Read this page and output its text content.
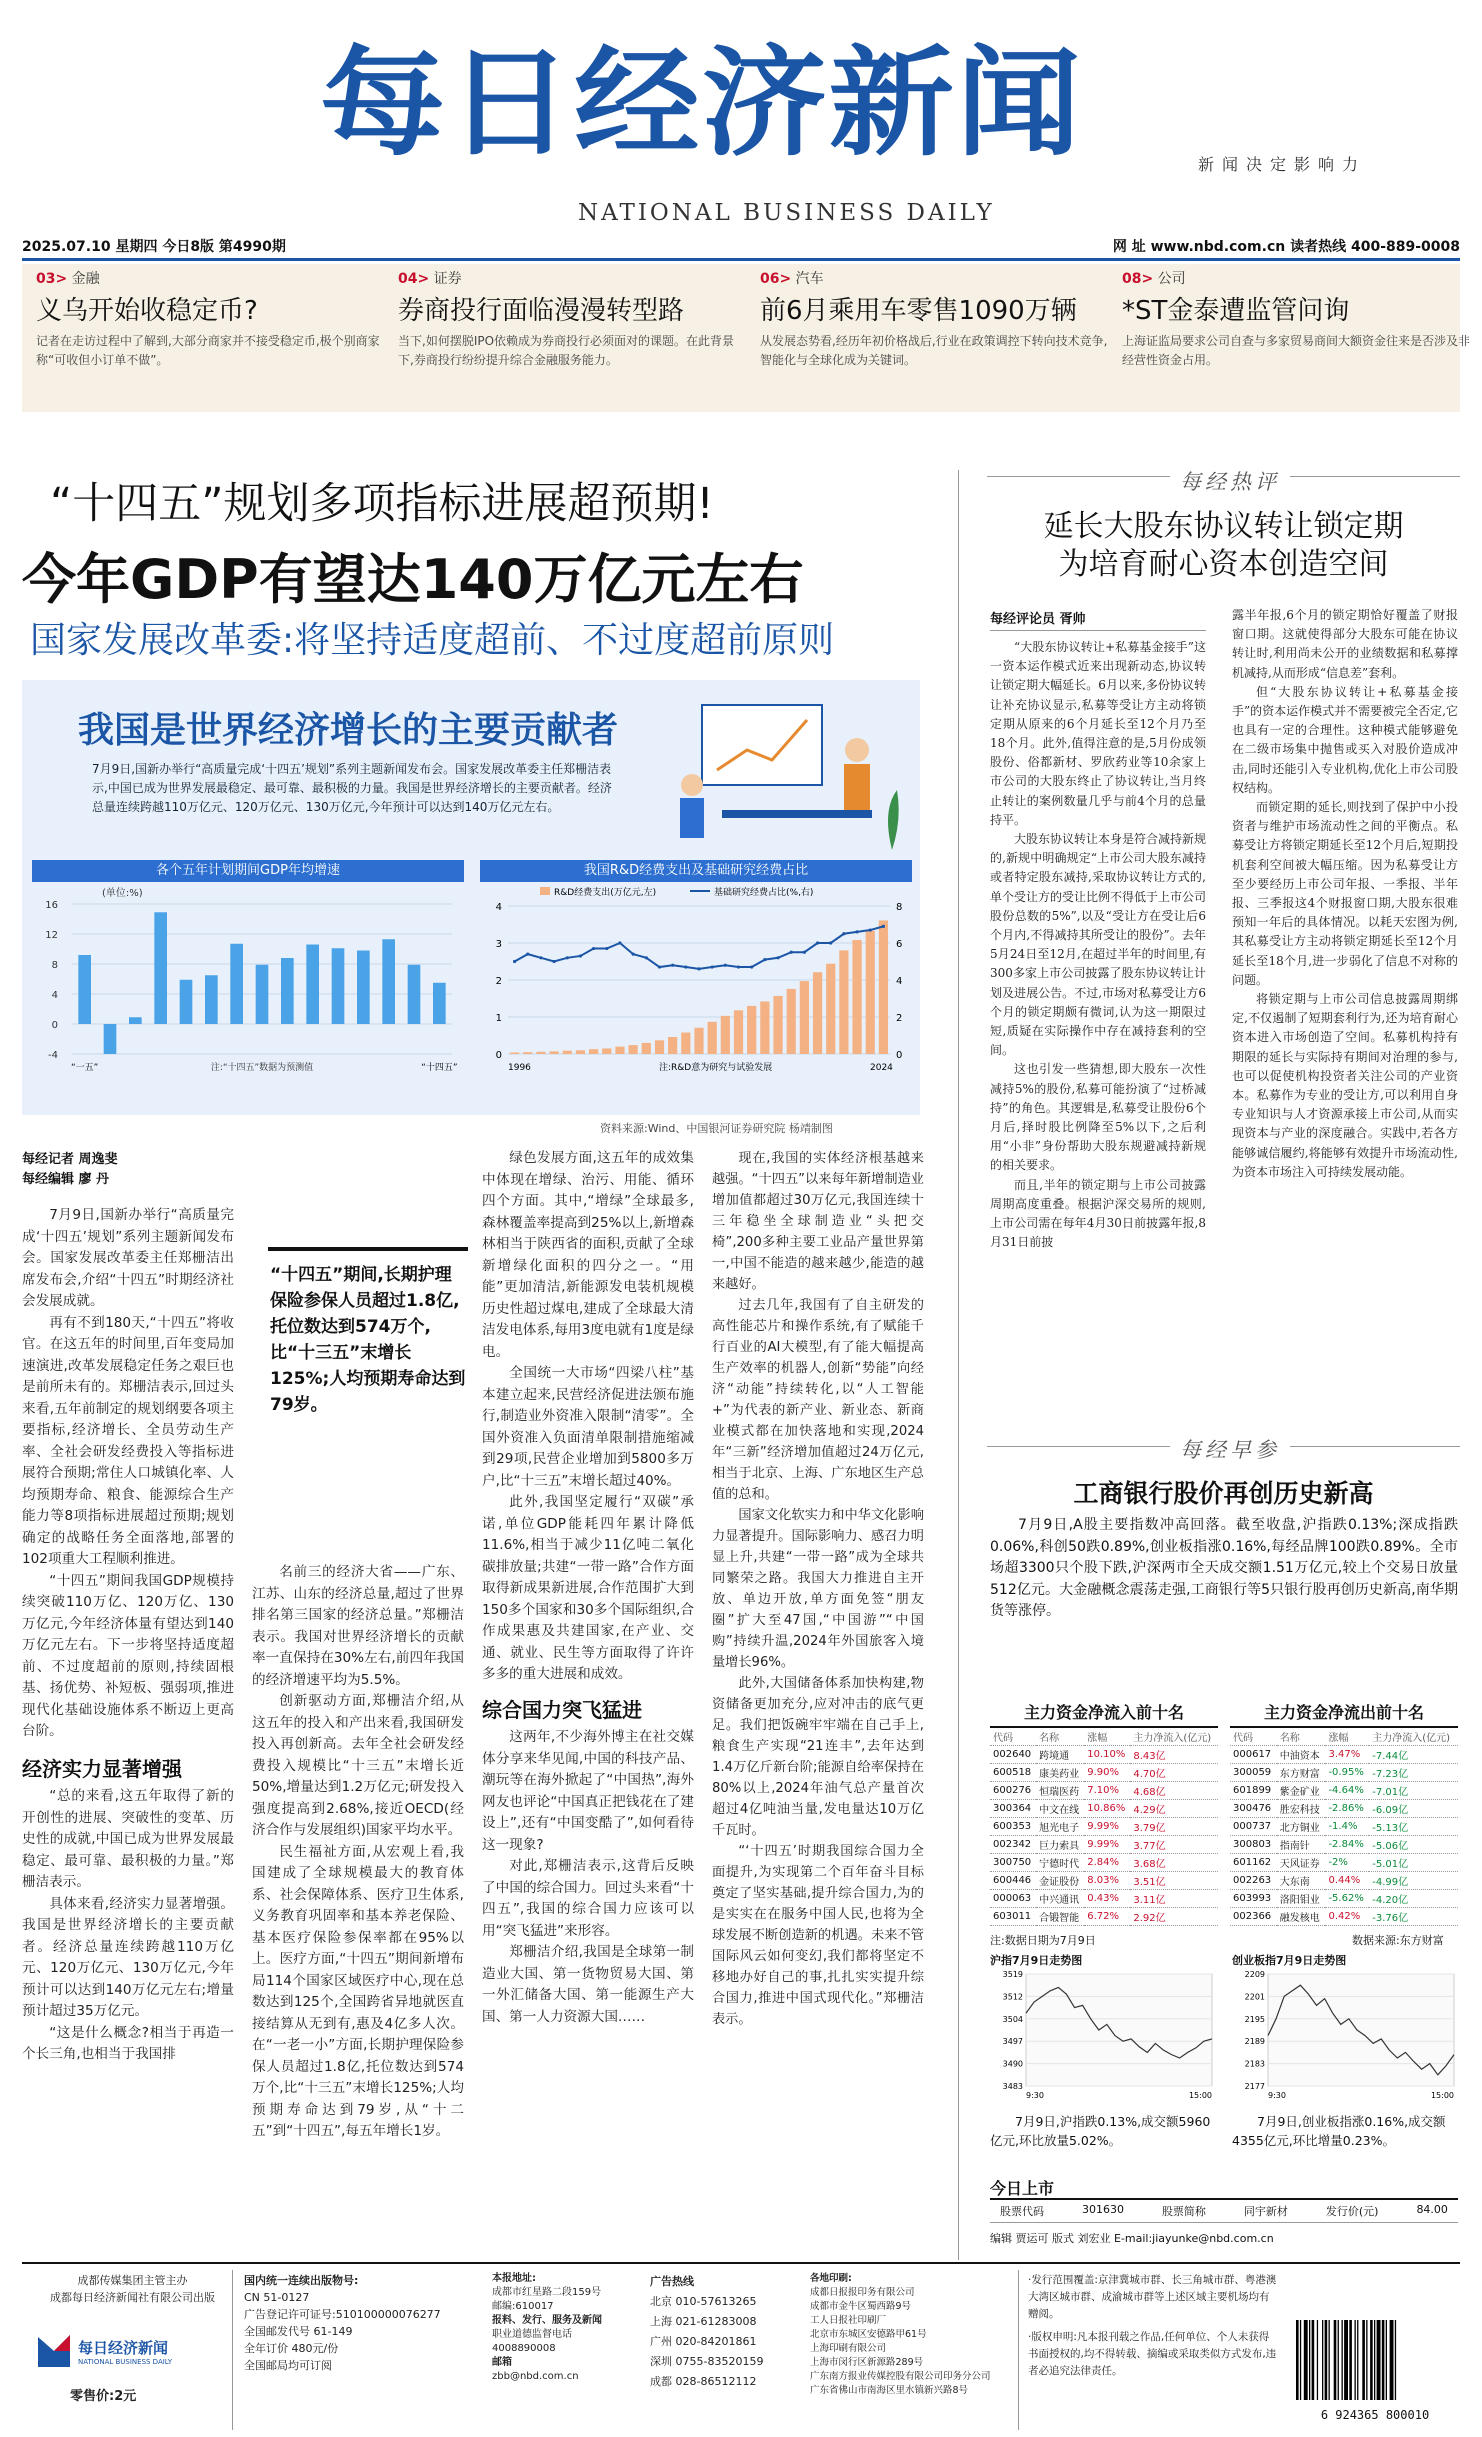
每日经济新闻
NATIONAL BUSINESS DAILY
新闻决定影响力
2025.07.10 星期四 今日8版 第4990期	网 址 www.nbd.com.cn 读者热线 400-889-0008
03> 金融
义乌开始收稳定币?
记者在走访过程中了解到,大部分商家并不接受稳定币,极个别商家称“可收但小订单不做”。
04> 证券
券商投行面临漫漫转型路
当下,如何摆脱IPO依赖成为券商投行必须面对的课题。在此背景下,券商投行纷纷提升综合金融服务能力。
06> 汽车
前6月乘用车零售1090万辆
从发展态势看,经历年初价格战后,行业在政策调控下转向技术竞争,智能化与全球化成为关键词。
08> 公司
*ST金泰遭监管问询
上海证监局要求公司自查与多家贸易商间大额资金往来是否涉及非经营性资金占用。
“十四五”规划多项指标进展超预期!
今年GDP有望达140万亿元左右
国家发展改革委:将坚持适度超前、不过度超前原则
我国是世界经济增长的主要贡献者
7月9日,国新办举行“高质量完成‘十四五’规划”系列主题新闻发布会。国家发展改革委主任郑栅洁表示,中国已成为世界发展最稳定、最可靠、最积极的力量。我国是世界经济增长的主要贡献者。经济总量连续跨越110万亿元、120万亿元、130万亿元,今年预计可以达到140万亿元左右。
各个五年计划期间GDP年均增速	我国R&D经费支出及基础研究经费占比
(单位:%)
16
12
8
4
0
-4
“一五”	“十四五”
注:“十四五”数据为预测值
R&D经费支出(万亿元,左)	基础研究经费占比(%,右)
4
3
2
1
0
8
6
4
2
0
1996	2024
注:R&D意为研究与试验发展
资料来源:Wind、中国银河证券研究院 杨靖制图
每经记者 周逸斐
每经编辑 廖 丹
“十四五”期间,长期护理保险参保人员超过1.8亿,托位数达到574万个,比“十三五”末增长125%;人均预期寿命达到79岁。

7月9日,国新办举行“高质量完成‘十四五’规划”系列主题新闻发布会。国家发展改革委主任郑栅洁出席发布会,介绍“十四五”时期经济社会发展成就。

再有不到180天,“十四五”将收官。在这五年的时间里,百年变局加速演进,改革发展稳定任务之艰巨也是前所未有的。郑栅洁表示,回过头来看,五年前制定的规划纲要各项主要指标,经济增长、全员劳动生产率、全社会研发经费投入等指标进展符合预期;常住人口城镇化率、人均预期寿命、粮食、能源综合生产能力等8项指标进展超过预期;规划确定的战略任务全面落地,部署的102项重大工程顺利推进。

“十四五”期间我国GDP规模持续突破110万亿、120万亿、130万亿元,今年经济体量有望达到140万亿元左右。下一步将坚持适度超前、不过度超前的原则,持续固根基、扬优势、补短板、强弱项,推进现代化基础设施体系不断迈上更高台阶。

经济实力显著增强

“总的来看,这五年取得了新的开创性的进展、突破性的变革、历史性的成就,中国已成为世界发展最稳定、最可靠、最积极的力量。”郑栅洁表示。

具体来看,经济实力显著增强。我国是世界经济增长的主要贡献者。经济总量连续跨越110万亿元、120万亿元、130万亿元,今年预计可以达到140万亿元左右;增量预计超过35万亿元。

“这是什么概念?相当于再造一个长三角,也相当于我国排

名前三的经济大省——广东、江苏、山东的经济总量,超过了世界排名第三国家的经济总量。”郑栅洁表示。我国对世界经济增长的贡献率一直保持在30%左右,前四年我国的经济增速平均为5.5%。

创新驱动方面,郑栅洁介绍,从这五年的投入和产出来看,我国研发投入再创新高。去年全社会研发经费投入规模比“十三五”末增长近50%,增量达到1.2万亿元;研发投入强度提高到2.68%,接近OECD(经济合作与发展组织)国家平均水平。

民生福祉方面,从宏观上看,我国建成了全球规模最大的教育体系、社会保障体系、医疗卫生体系,义务教育巩固率和基本养老保险、基本医疗保险参保率都在95%以上。医疗方面,“十四五”期间新增布局114个国家区域医疗中心,现在总数达到125个,全国跨省异地就医直接结算从无到有,惠及4亿多人次。在“一老一小”方面,长期护理保险参保人员超过1.8亿,托位数达到574万个,比“十三五”末增长125%;人均预期寿命达到79岁,从“十二五”到“十四五”,每五年增长1岁。

绿色发展方面,这五年的成效集中体现在增绿、治污、用能、循环四个方面。其中,“增绿”全球最多,森林覆盖率提高到25%以上,新增森林相当于陕西省的面积,贡献了全球新增绿化面积的四分之一。“用能”更加清洁,新能源发电装机规模历史性超过煤电,建成了全球最大清洁发电体系,每用3度电就有1度是绿电。

全国统一大市场“四梁八柱”基本建立起来,民营经济促进法颁布施行,制造业外资准入限制“清零”。全国外资准入负面清单限制措施缩减到29项,民营企业增加到5800多万户,比“十三五”末增长超过40%。

此外,我国坚定履行“双碳”承诺,单位GDP能耗四年累计降低11.6%,相当于减少11亿吨二氧化碳排放量;共建“一带一路”合作方面取得新成果新进展,合作范围扩大到150多个国家和30多个国际组织,合作成果惠及共建国家,在产业、交通、就业、民生等方面取得了许许多多的重大进展和成效。

综合国力突飞猛进

这两年,不少海外博主在社交媒体分享来华见闻,中国的科技产品、潮玩等在海外掀起了“中国热”,海外网友也评论“中国真正把钱花在了建设上”,还有“中国变酷了”,如何看待这一现象?

对此,郑栅洁表示,这背后反映了中国的综合国力。回过头来看“十四五”,我国的综合国力应该可以用“突飞猛进”来形容。

郑栅洁介绍,我国是全球第一制造业大国、第一货物贸易大国、第一外汇储备大国、第一能源生产大国、第一人力资源大国……

现在,我国的实体经济根基越来越强。“十四五”以来每年新增制造业增加值都超过30万亿元,我国连续十三年稳坐全球制造业“头把交椅”,200多种主要工业品产量世界第一,中国不能造的越来越少,能造的越来越好。

过去几年,我国有了自主研发的高性能芯片和操作系统,有了赋能千行百业的AI大模型,有了能大幅提高生产效率的机器人,创新“势能”向经济“动能”持续转化,以“人工智能+”为代表的新产业、新业态、新商业模式都在加快落地和实现,2024年“三新”经济增加值超过24万亿元,相当于北京、上海、广东地区生产总值的总和。

国家文化软实力和中华文化影响力显著提升。国际影响力、感召力明显上升,共建“一带一路”成为全球共同繁荣之路。我国大力推进自主开放、单边开放,单方面免签“朋友圈”扩大至47国,“中国游”“中国购”持续升温,2024年外国旅客入境量增长96%。

此外,大国储备体系加快构建,物资储备更加充分,应对冲击的底气更足。我们把饭碗牢牢端在自己手上,粮食生产实现“21连丰”,去年达到1.4万亿斤新台阶;能源自给率保持在80%以上,2024年油气总产量首次超过4亿吨油当量,发电量达10万亿千瓦时。

“‘十四五’时期我国综合国力全面提升,为实现第二个百年奋斗目标奠定了坚实基础,提升综合国力,为的是实实在在服务中国人民,也将为全球发展不断创造新的机遇。未来不管国际风云如何变幻,我们都将坚定不移地办好自己的事,扎扎实实提升综合国力,推进中国式现代化。”郑栅洁表示。

每经热评
延长大股东协议转让锁定期
为培育耐心资本创造空间
每经评论员 胥帅

“大股东协议转让+私募基金接手”这一资本运作模式近来出现新动态,协议转让锁定期大幅延长。6月以来,多份协议转让补充协议显示,私募等受让方主动将锁定期从原来的6个月延长至12个月乃至18个月。此外,值得注意的是,5月份成领股份、俗都新材、罗欣药业等10余家上市公司的大股东终止了协议转让,当月终止转让的案例数量几乎与前4个月的总量持平。

大股东协议转让本身是符合减持新规的,新规中明确规定“上市公司大股东减持或者特定股东减持,采取协议转让方式的,单个受让方的受让比例不得低于上市公司股份总数的5%”,以及“受让方在受让后6个月内,不得减持其所受让的股份”。去年5月24日至12月,在超过半年的时间里,有300多家上市公司披露了股东协议转让计划及进展公告。不过,市场对私募受让方6个月的锁定期颇有微词,认为这一期限过短,质疑在实际操作中存在减持套利的空间。

这也引发一些猜想,即大股东一次性减持5%的股份,私募可能扮演了“过桥减持”的角色。其逻辑是,私募受让股份6个月后,择时股比例降至5%以下,之后利用“小非”身份帮助大股东规避减持新规的相关要求。

而且,半年的锁定期与上市公司披露周期高度重叠。根据沪深交易所的规则,上市公司需在每年4月30日前披露年报,8月31日前披

露半年报,6个月的锁定期恰好覆盖了财报窗口期。这就使得部分大股东可能在协议转让时,利用尚未公开的业绩数据和私募撑机减持,从而形成“信息差”套利。

但“大股东协议转让+私募基金接手”的资本运作模式并不需要被完全否定,它也具有一定的合理性。这种模式能够避免在二级市场集中抛售或买入对股价造成冲击,同时还能引入专业机构,优化上市公司股权结构。

而锁定期的延长,则找到了保护中小投资者与维护市场流动性之间的平衡点。私募受让方将锁定期延长至12个月后,短期投机套利空间被大幅压缩。因为私募受让方至少要经历上市公司年报、一季报、半年报、三季报这4个财报窗口期,大股东很难预知一年后的具体情况。以耗天宏图为例,其私募受让方主动将锁定期延长至12个月延长至18个月,进一步弱化了信息不对称的问题。

将锁定期与上市公司信息披露周期绑定,不仅遏制了短期套利行为,还为培育耐心资本进入市场创造了空间。私募机构持有期限的延长与实际持有期间对治理的参与,也可以促使机构投资者关注公司的产业资本。私募作为专业的受让方,可以利用自身专业知识与人才资源承接上市公司,从而实现资本与产业的深度融合。实践中,若各方能够诚信履约,将能够有效提升市场流动性,为资本市场注入可持续发展动能。

每经早参
工商银行股价再创历史新高

7月9日,A股主要指数冲高回落。截至收盘,沪指跌0.13%;深成指跌0.06%,科创50跌0.89%,创业板指涨0.16%,每经品牌100跌0.89%。全市场超3300只个股下跌,沪深两市全天成交额1.51万亿元,较上个交易日放量512亿元。大金融概念震荡走强,工商银行等5只银行股再创历史新高,南华期货等涨停。

主力资金净流入前十名
代码	名称	涨幅	主力净流入(亿元)
002640	跨境通	10.10%	8.43亿
600518	康美药业	9.90%	4.70亿
600276	恒瑞医药	7.10%	4.68亿
300364	中文在线	10.86%	4.29亿
600353	旭光电子	9.99%	3.79亿
002342	巨力索具	9.99%	3.77亿
300750	宁德时代	2.84%	3.68亿
600446	金证股份	8.03%	3.51亿
000063	中兴通讯	0.43%	3.11亿
603011	合锻智能	6.72%	2.92亿
主力资金净流出前十名
代码	名称	涨幅	主力净流入(亿元)
000617	中油资本	3.47%	-7.44亿
300059	东方财富	-0.95%	-7.23亿
601899	紫金矿业	-4.64%	-7.01亿
300476	胜宏科技	-2.86%	-6.09亿
000737	北方铜业	-1.4%	-5.13亿
300803	指南针	-2.84%	-5.06亿
601162	天风证券	-2%	-5.01亿
002263	大东南	0.44%	-4.99亿
603993	洛阳钼业	-5.62%	-4.20亿
002366	融发核电	0.42%	-3.76亿
注:数据日期为7月9日	数据来源:东方财富
沪指7月9日走势图
3519
3512
3504
3497
3490
3483
9:30	15:00
7月9日,沪指跌0.13%,成交额5960亿元,环比放量5.02%。
创业板指7月9日走势图
2209
2201
2195
2189
2183
2177
9:30	15:00
7月9日,创业板指涨0.16%,成交额4355亿元,环比增量0.23%。
今日上市
股票代码	301630	股票简称	同宇新材	发行价(元)	84.00
编辑 贾运可 版式 刘宏业 E-mail:jiayunke@nbd.com.cn
成都传媒集团主管主办
成都每日经济新闻社有限公司出版
每日经济新闻
NATIONAL BUSINESS DAILY
零售价:2元
国内统一连续出版物号:
CN 51-0127
广告登记许可证号:510100000076277
全国邮发代号 61-149
全年订价 480元/份
全国邮局均可订阅
本报地址:
成都市红星路二段159号
邮编:610017
报料、发行、服务及新闻
职业道德监督电话
4008890008
邮箱
zbb@nbd.com.cn
广告热线
北京 010-57613265
上海 021-61283008
广州 020-84201861
深圳 0755-83520159
成都 028-86512112
各地印刷:
成都日报报印务有限公司
成都市金牛区蜀西路9号
工人日报社印刷厂
北京市东城区安德路甲61号
上海印刷有限公司
上海市闵行区新源路289号
广东南方报业传媒控股有限公司印务分公司
广东省佛山市南海区里水镇新兴路8号
·发行范围覆盖:京津冀城市群、长三角城市群、粤港澳大湾区城市群、成渝城市群等上述区域主要机场均有赠阅。
·版权申明:凡本报刊载之作品,任何单位、个人未获得书面授权的,均不得转载、摘编或采取类似方式发布,违者必追究法律责任。
6 924365 800010
